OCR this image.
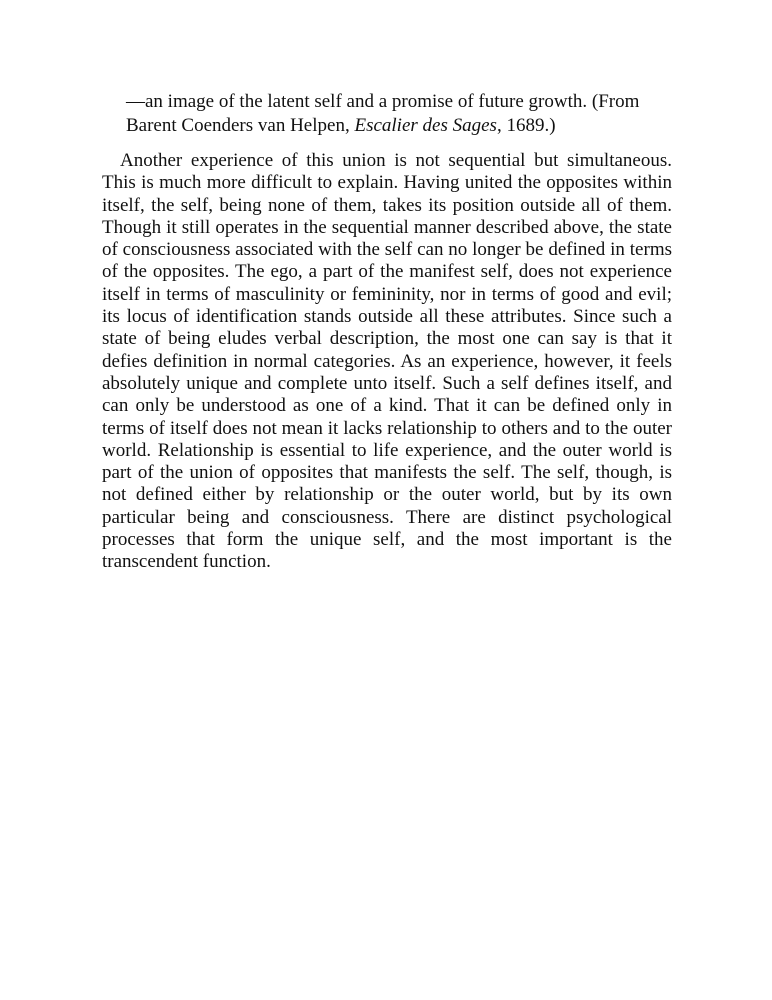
—an image of the latent self and a promise of future growth. (From
Barent Coenders van Helpen, Escalier des Sages, 1689.)

Another experience of this union is not sequential but simultaneous. This is much more difficult to explain. Having united the opposites within itself, the self, being none of them, takes its position outside all of them. Though it still operates in the sequential manner described above, the state of consciousness associated with the self can no longer be defined in terms of the opposites. The ego, a part of the manifest self, does not experience itself in terms of masculinity or femininity, nor in terms of good and evil; its locus of identification stands outside all these attributes. Since such a state of being eludes verbal description, the most one can say is that it defies definition in normal categories. As an experience, however, it feels absolutely unique and complete unto itself. Such a self defines itself, and can only be understood as one of a kind. That it can be defined only in terms of itself does not mean it lacks relationship to others and to the outer world. Relationship is essential to life experience, and the outer world is part of the union of opposites that manifests the self. The self, though, is not defined either by relationship or the outer world, but by its own particular being and consciousness. There are distinct psychological processes that form the unique self, and the most important is the transcendent function.
